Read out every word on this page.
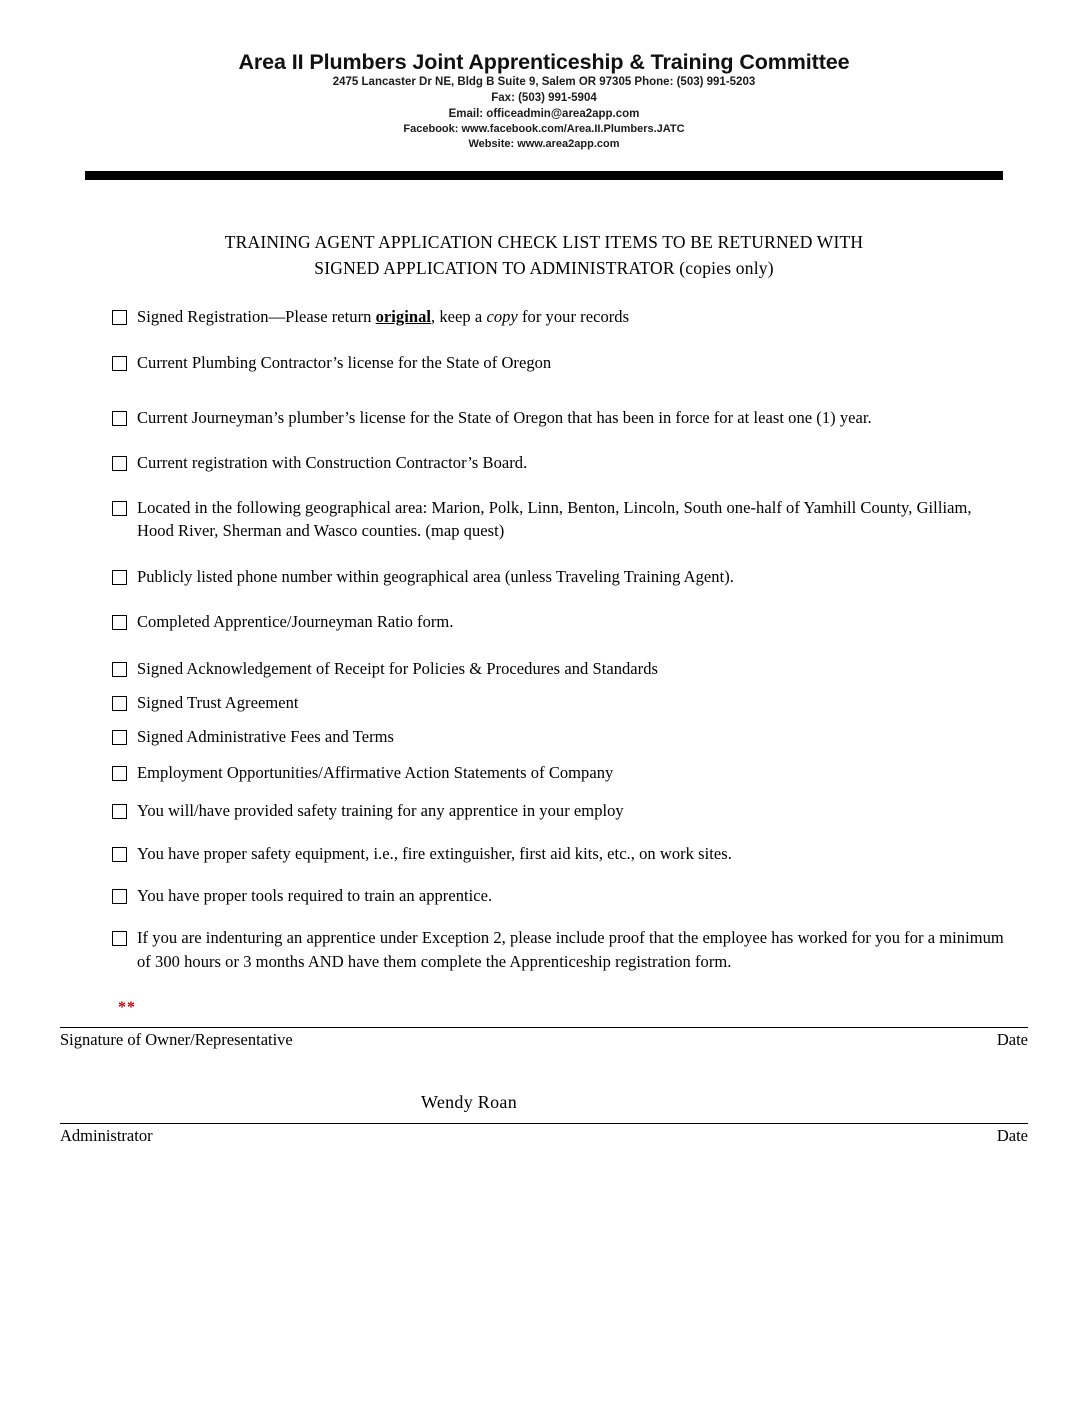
Area II Plumbers Joint Apprenticeship & Training Committee
2475 Lancaster Dr NE, Bldg B Suite 9, Salem OR 97305 Phone: (503) 991-5203
Fax: (503) 991-5904
Email: officeadmin@area2app.com
Facebook: www.facebook.com/Area.II.Plumbers.JATC
Website: www.area2app.com
TRAINING AGENT APPLICATION CHECK LIST ITEMS TO BE RETURNED WITH
SIGNED APPLICATION TO ADMINISTRATOR (copies only)
Signed Registration—Please return original, keep a copy for your records
Current Plumbing Contractor’s license for the State of Oregon
Current Journeyman’s plumber’s license for the State of Oregon that has been in force for at least one (1) year.
Current registration with Construction Contractor’s Board.
Located in the following geographical area: Marion, Polk, Linn, Benton, Lincoln, South one-half of Yamhill County, Gilliam, Hood River, Sherman and Wasco counties. (map quest)
Publicly listed phone number within geographical area (unless Traveling Training Agent).
Completed Apprentice/Journeyman Ratio form.
Signed Acknowledgement of Receipt for Policies & Procedures and Standards
Signed Trust Agreement
Signed Administrative Fees and Terms
Employment Opportunities/Affirmative Action Statements of Company
You will/have provided safety training for any apprentice in your employ
You have proper safety equipment, i.e., fire extinguisher, first aid kits, etc., on work sites.
You have proper tools required to train an apprentice.
If you are indenturing an apprentice under Exception 2, please include proof that the employee has worked for you for a minimum of 300 hours or 3 months AND have them complete the Apprenticeship registration form.
**
Signature of Owner/Representative	Date
Wendy Roan
Administrator	Date
